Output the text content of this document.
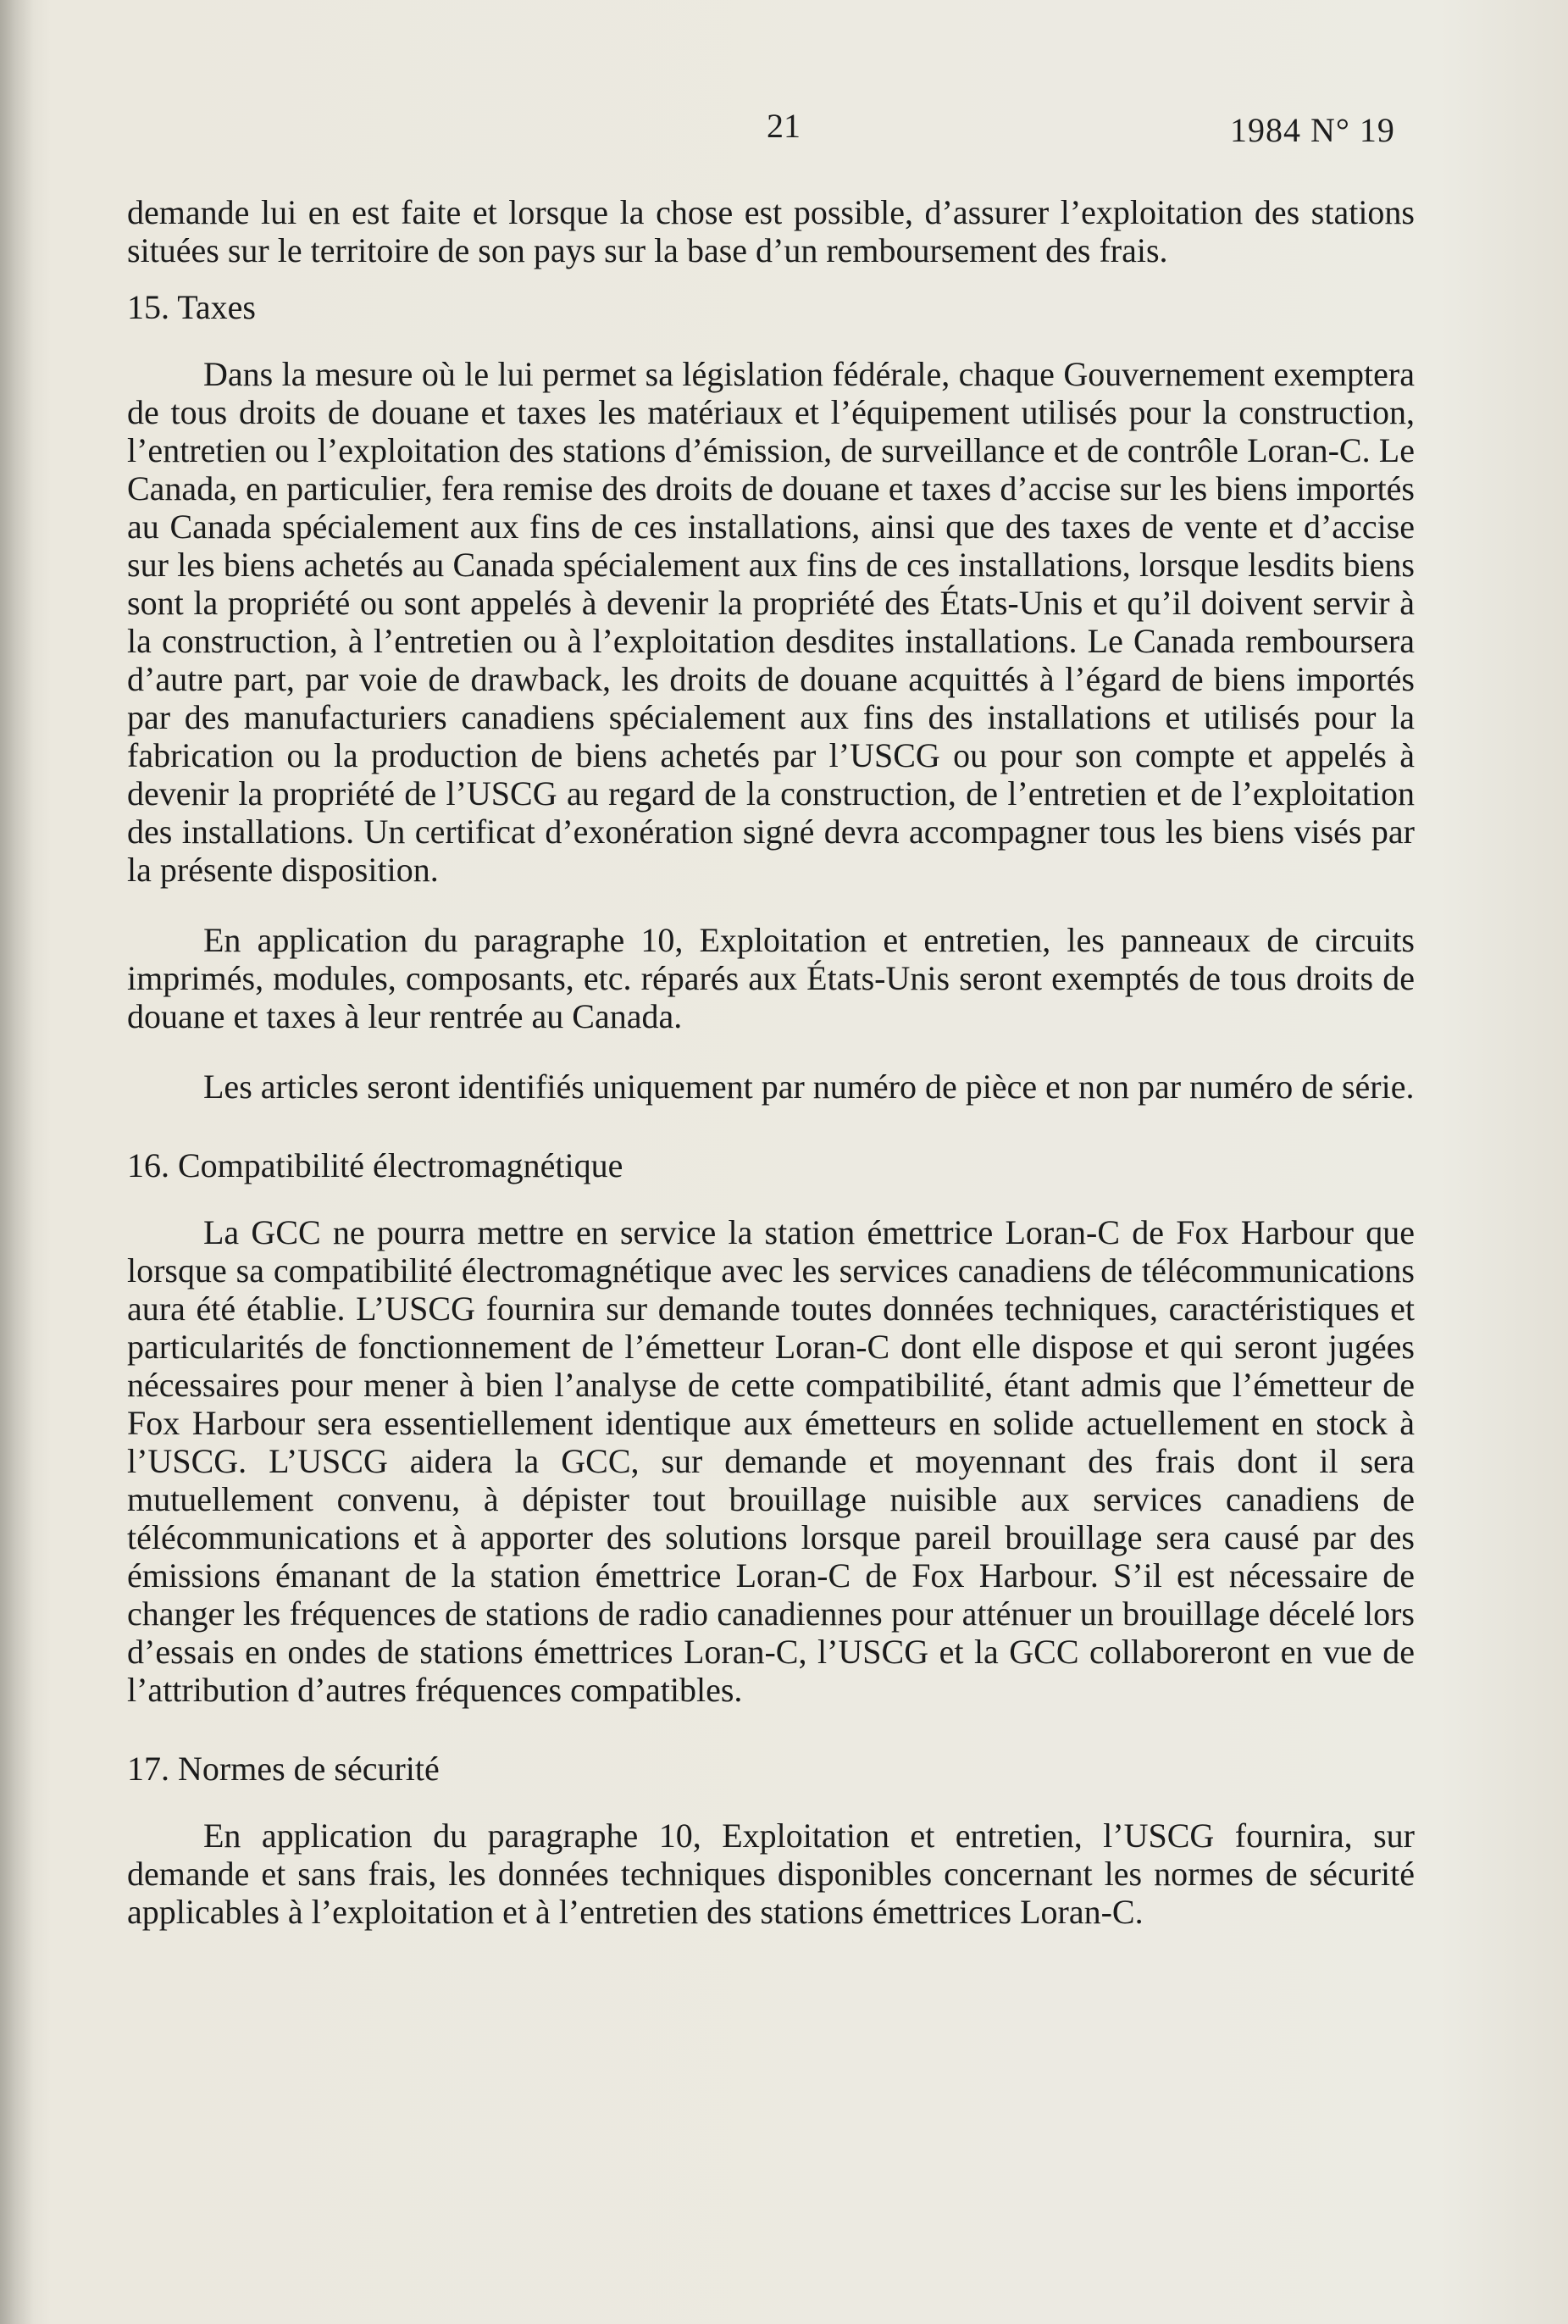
21	1984 N° 19

demande lui en est faite et lorsque la chose est possible, d’assurer l’exploitation des stations situées sur le territoire de son pays sur la base d’un remboursement des frais.

15. Taxes

Dans la mesure où le lui permet sa législation fédérale, chaque Gouvernement exemptera de tous droits de douane et taxes les matériaux et l’équipement utilisés pour la construction, l’entretien ou l’exploitation des stations d’émission, de surveillance et de contrôle Loran-C. Le Canada, en particulier, fera remise des droits de douane et taxes d’accise sur les biens importés au Canada spécialement aux fins de ces installations, ainsi que des taxes de vente et d’accise sur les biens achetés au Canada spécialement aux fins de ces installations, lorsque lesdits biens sont la propriété ou sont appelés à devenir la propriété des États-Unis et qu’il doivent servir à la construction, à l’entretien ou à l’exploitation desdites installations. Le Canada remboursera d’autre part, par voie de drawback, les droits de douane acquittés à l’égard de biens importés par des manufacturiers canadiens spécialement aux fins des installations et utilisés pour la fabrication ou la production de biens achetés par l’USCG ou pour son compte et appelés à devenir la propriété de l’USCG au regard de la construction, de l’entretien et de l’exploitation des installations. Un certificat d’exonération signé devra accompagner tous les biens visés par la présente disposition.

En application du paragraphe 10, Exploitation et entretien, les panneaux de circuits imprimés, modules, composants, etc. réparés aux États-Unis seront exemptés de tous droits de douane et taxes à leur rentrée au Canada.

Les articles seront identifiés uniquement par numéro de pièce et non par numéro de série.

16. Compatibilité électromagnétique

La GCC ne pourra mettre en service la station émettrice Loran-C de Fox Harbour que lorsque sa compatibilité électromagnétique avec les services canadiens de télécommunications aura été établie. L’USCG fournira sur demande toutes données techniques, caractéristiques et particularités de fonctionnement de l’émetteur Loran-C dont elle dispose et qui seront jugées nécessaires pour mener à bien l’analyse de cette compatibilité, étant admis que l’émetteur de Fox Harbour sera essentiellement identique aux émetteurs en solide actuellement en stock à l’USCG. L’USCG aidera la GCC, sur demande et moyennant des frais dont il sera mutuellement convenu, à dépister tout brouillage nuisible aux services canadiens de télécommunications et à apporter des solutions lorsque pareil brouillage sera causé par des émissions émanant de la station émettrice Loran-C de Fox Harbour. S’il est nécessaire de changer les fréquences de stations de radio canadiennes pour atténuer un brouillage décelé lors d’essais en ondes de stations émettrices Loran-C, l’USCG et la GCC collaboreront en vue de l’attribution d’autres fréquences compatibles.

17. Normes de sécurité

En application du paragraphe 10, Exploitation et entretien, l’USCG fournira, sur demande et sans frais, les données techniques disponibles concernant les normes de sécurité applicables à l’exploitation et à l’entretien des stations émettrices Loran-C.
